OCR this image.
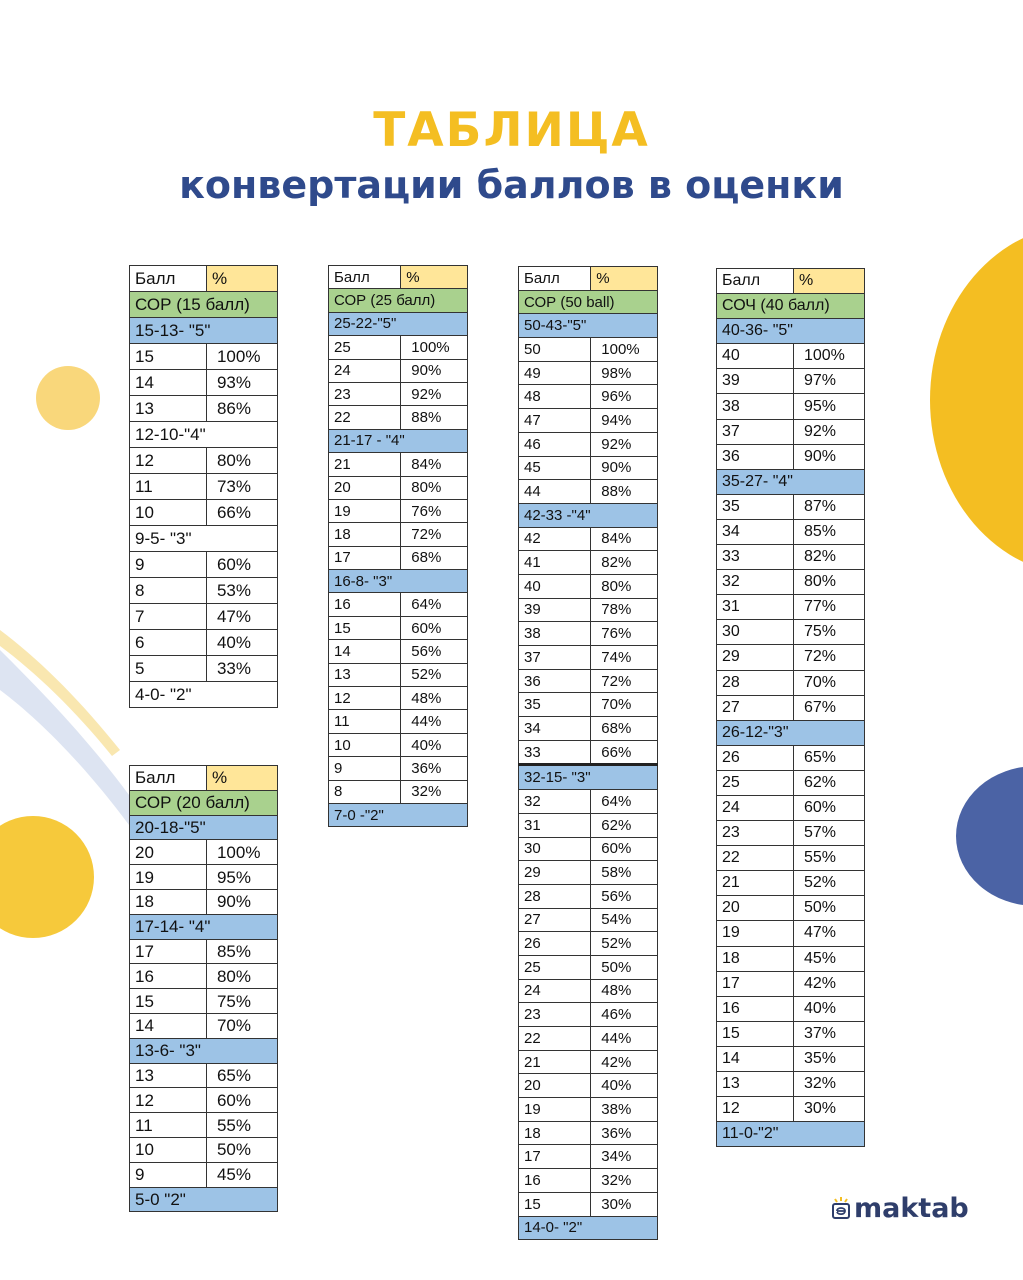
ТАБЛИЦА
конвертации баллов в оценки
Балл	%
СОР (15 балл)	
15-13- "5"	
15	100%
14	93%
13	86%
12-10-"4"	
12	80%
11	73%
10	66%
9-5- "3"	
9	60%
8	53%
7	47%
6	40%
5	33%
4-0- "2"	
Балл	%
СОР (20 балл)	
20-18-"5"	
20	100%
19	95%
18	90%
17-14- "4"	
17	85%
16	80%
15	75%
14	70%
13-6- "3"	
13	65%
12	60%
11	55%
10	50%
9	45%
5-0 "2"	
Балл	%
СОР (25 балл)	
25-22-"5"	
25	100%
24	90%
23	92%
22	88%
21-17 - "4"	
21	84%
20	80%
19	76%
18	72%
17	68%
16-8- "3"	
16	64%
15	60%
14	56%
13	52%
12	48%
11	44%
10	40%
9	36%
8	32%
7-0 -"2"	
Балл	%
СОР (50 ball)	
50-43-"5"	
50	100%
49	98%
48	96%
47	94%
46	92%
45	90%
44	88%
42-33 -"4"	
42	84%
41	82%
40	80%
39	78%
38	76%
37	74%
36	72%
35	70%
34	68%
33	66%
32-15- "3"	
32	64%
31	62%
30	60%
29	58%
28	56%
27	54%
26	52%
25	50%
24	48%
23	46%
22	44%
21	42%
20	40%
19	38%
18	36%
17	34%
16	32%
15	30%
14-0- "2"	
Балл	%
СОЧ (40 балл)	
40-36- "5"	
40	100%
39	97%
38	95%
37	92%
36	90%
35-27- "4"	
35	87%
34	85%
33	82%
32	80%
31	77%
30	75%
29	72%
28	70%
27	67%
26-12-"3"	
26	65%
25	62%
24	60%
23	57%
22	55%
21	52%
20	50%
19	47%
18	45%
17	42%
16	40%
15	37%
14	35%
13	32%
12	30%
11-0-"2"	
maktab
